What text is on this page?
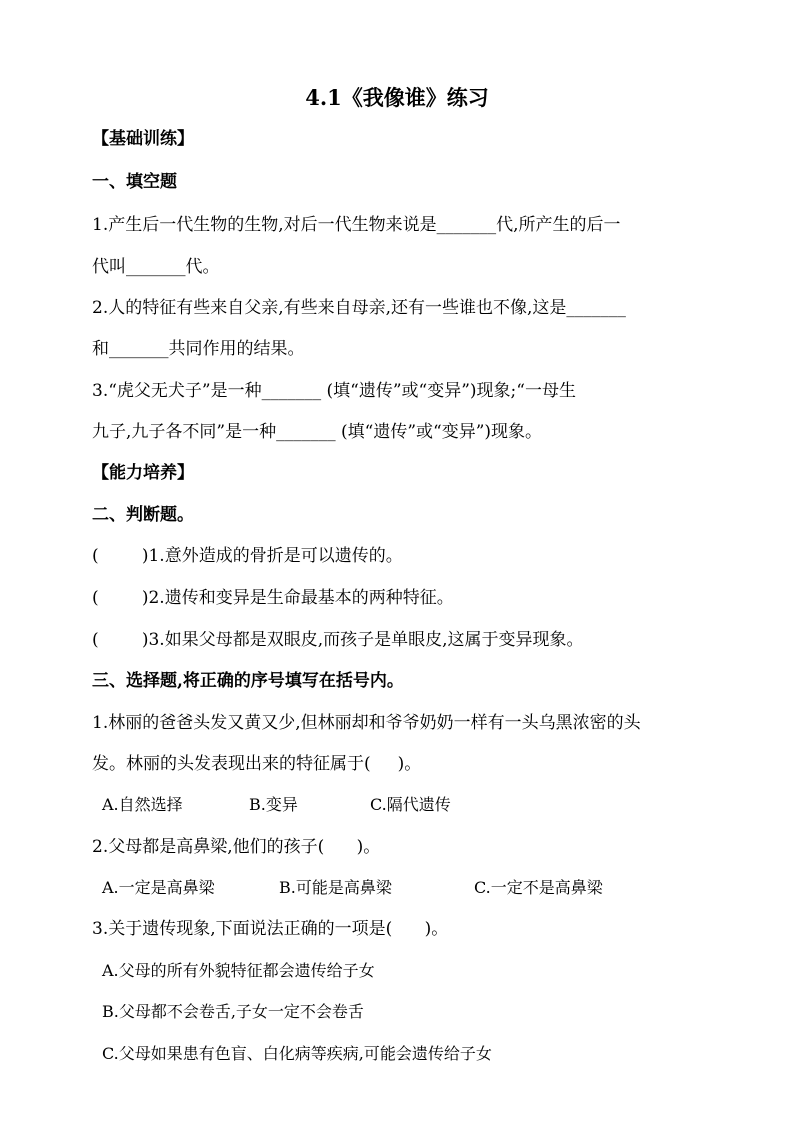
4.1《我像谁》练习
【基础训练】
一、填空题
1.产生后一代生物的生物,对后一代生物来说是_______代,所产生的后一
代叫_______代。
2.人的特征有些来自父亲,有些来自母亲,还有一些谁也不像,这是_______
和_______共同作用的结果。
3.“虎父无犬子”是一种_______ (填“遗传”或“变异”)现象;“一母生
九子,九子各不同”是一种_______ (填“遗传”或“变异”)现象。
【能力培养】
二、判断题。
(        )1.意外造成的骨折是可以遗传的。
(        )2.遗传和变异是生命最基本的两种特征。
(        )3.如果父母都是双眼皮,而孩子是单眼皮,这属于变异现象。
三、选择题,将正确的序号填写在括号内。
1.林丽的爸爸头发又黄又少,但林丽却和爷爷奶奶一样有一头乌黑浓密的头
发。林丽的头发表现出来的特征属于(     )。
A.自然选择	B.变异	C.隔代遗传
2.父母都是高鼻梁,他们的孩子(      )。
A.一定是高鼻梁	B.可能是高鼻梁	C.一定不是高鼻梁
3.关于遗传现象,下面说法正确的一项是(      )。
A.父母的所有外貌特征都会遗传给子女
B.父母都不会卷舌,子女一定不会卷舌
C.父母如果患有色盲、白化病等疾病,可能会遗传给子女
